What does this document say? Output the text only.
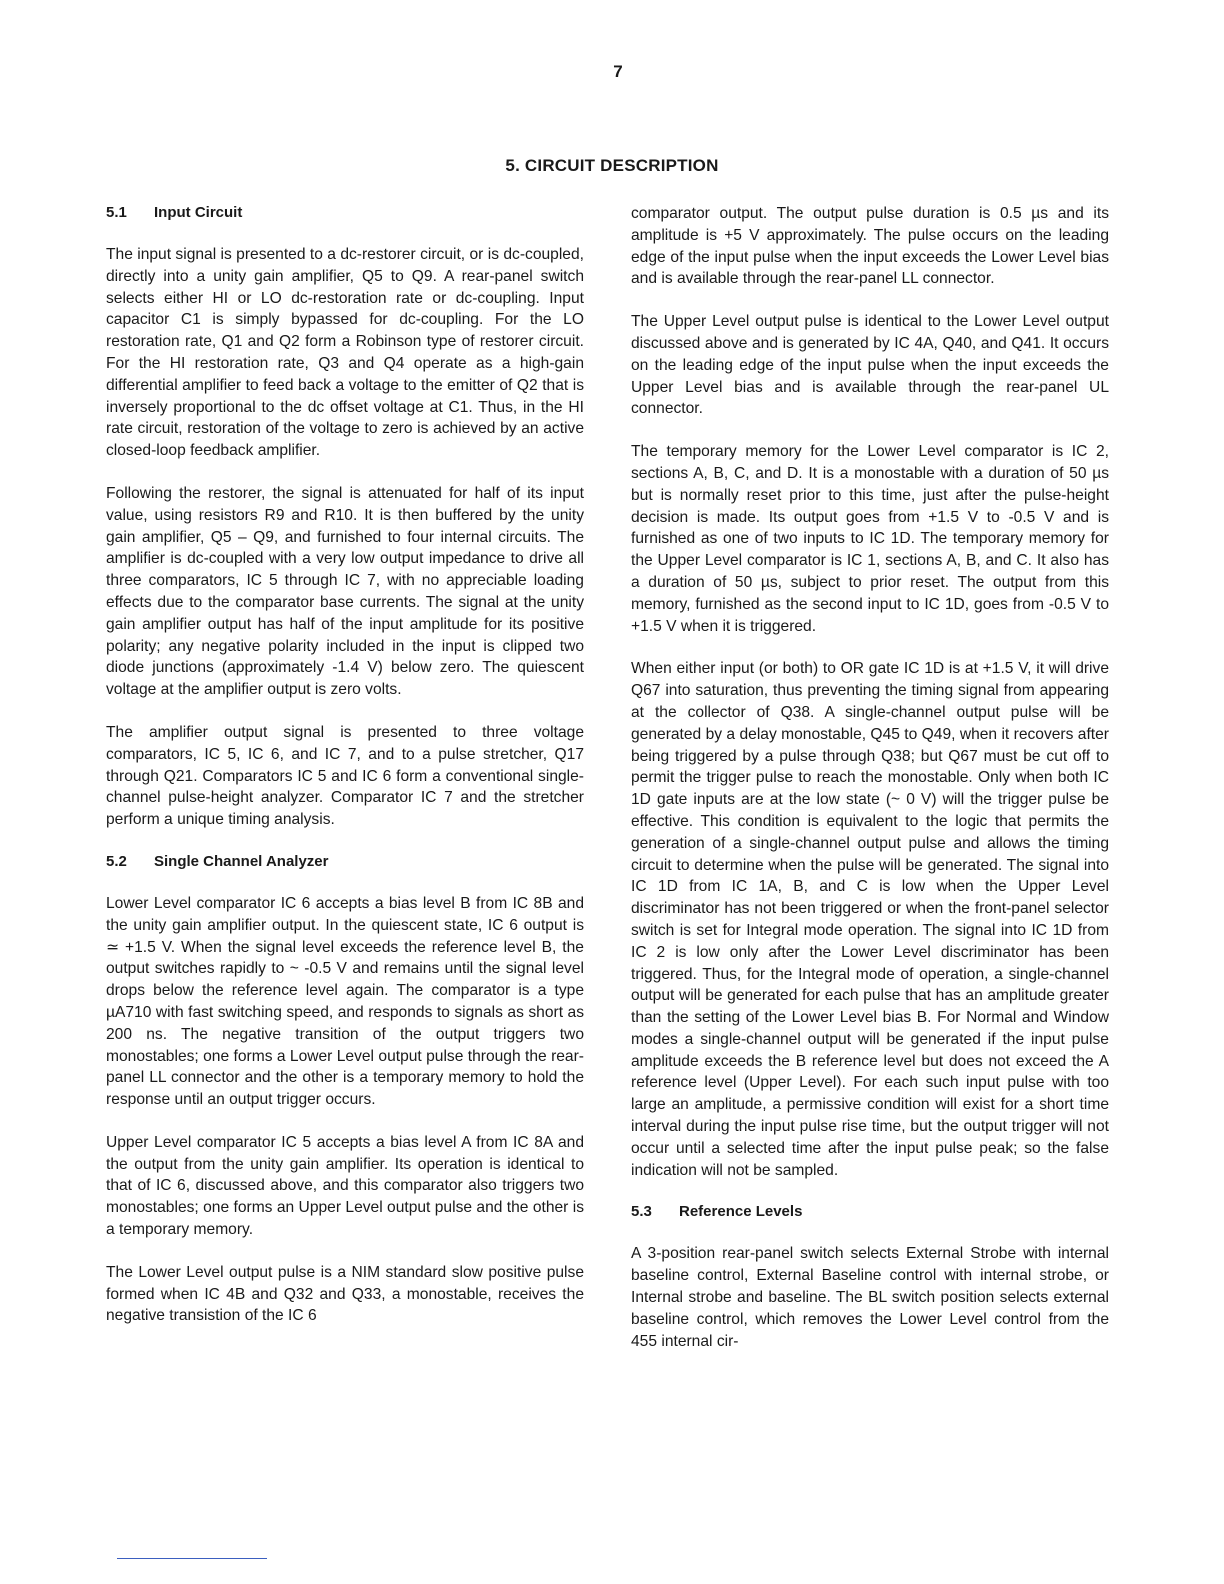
7
5. CIRCUIT DESCRIPTION
5.1 Input Circuit

The input signal is presented to a dc-restorer circuit, or is dc-coupled, directly into a unity gain amplifier, Q5 to Q9. A rear-panel switch selects either HI or LO dc-restoration rate or dc-coupling. Input capacitor C1 is simply bypassed for dc-coupling. For the LO restoration rate, Q1 and Q2 form a Robinson type of restorer circuit. For the HI restoration rate, Q3 and Q4 operate as a high-gain differential amplifier to feed back a voltage to the emitter of Q2 that is inversely proportional to the dc offset voltage at C1. Thus, in the HI rate circuit, restoration of the voltage to zero is achieved by an active closed-loop feedback amplifier.

Following the restorer, the signal is attenuated for half of its input value, using resistors R9 and R10. It is then buffered by the unity gain amplifier, Q5 – Q9, and furnished to four internal circuits. The amplifier is dc-coupled with a very low output impedance to drive all three comparators, IC 5 through IC 7, with no appreciable loading effects due to the comparator base currents. The signal at the unity gain amplifier output has half of the input amplitude for its positive polarity; any negative polarity included in the input is clipped two diode junctions (approximately -1.4 V) below zero. The quiescent voltage at the amplifier output is zero volts.

The amplifier output signal is presented to three voltage comparators, IC 5, IC 6, and IC 7, and to a pulse stretcher, Q17 through Q21. Comparators IC 5 and IC 6 form a conventional single-channel pulse-height analyzer. Comparator IC 7 and the stretcher perform a unique timing analysis.

5.2 Single Channel Analyzer

Lower Level comparator IC 6 accepts a bias level B from IC 8B and the unity gain amplifier output. In the quiescent state, IC 6 output is ≃ +1.5 V. When the signal level exceeds the reference level B, the output switches rapidly to ~ -0.5 V and remains until the signal level drops below the reference level again. The comparator is a type µA710 with fast switching speed, and responds to signals as short as 200 ns. The negative transition of the output triggers two monostables; one forms a Lower Level output pulse through the rear-panel LL connector and the other is a temporary memory to hold the response until an output trigger occurs.

Upper Level comparator IC 5 accepts a bias level A from IC 8A and the output from the unity gain amplifier. Its operation is identical to that of IC 6, discussed above, and this comparator also triggers two monostables; one forms an Upper Level output pulse and the other is a temporary memory.

The Lower Level output pulse is a NIM standard slow positive pulse formed when IC 4B and Q32 and Q33, a monostable, receives the negative transistion of the IC 6

comparator output. The output pulse duration is 0.5 µs and its amplitude is +5 V approximately. The pulse occurs on the leading edge of the input pulse when the input exceeds the Lower Level bias and is available through the rear-panel LL connector.

The Upper Level output pulse is identical to the Lower Level output discussed above and is generated by IC 4A, Q40, and Q41. It occurs on the leading edge of the input pulse when the input exceeds the Upper Level bias and is available through the rear-panel UL connector.

The temporary memory for the Lower Level comparator is IC 2, sections A, B, C, and D. It is a monostable with a duration of 50 µs but is normally reset prior to this time, just after the pulse-height decision is made. Its output goes from +1.5 V to -0.5 V and is furnished as one of two inputs to IC 1D. The temporary memory for the Upper Level comparator is IC 1, sections A, B, and C. It also has a duration of 50 µs, subject to prior reset. The output from this memory, furnished as the second input to IC 1D, goes from -0.5 V to +1.5 V when it is triggered.

When either input (or both) to OR gate IC 1D is at +1.5 V, it will drive Q67 into saturation, thus preventing the timing signal from appearing at the collector of Q38. A single-channel output pulse will be generated by a delay monostable, Q45 to Q49, when it recovers after being triggered by a pulse through Q38; but Q67 must be cut off to permit the trigger pulse to reach the monostable. Only when both IC 1D gate inputs are at the low state (~ 0 V) will the trigger pulse be effective. This condition is equivalent to the logic that permits the generation of a single-channel output pulse and allows the timing circuit to determine when the pulse will be generated. The signal into IC 1D from IC 1A, B, and C is low when the Upper Level discriminator has not been triggered or when the front-panel selector switch is set for Integral mode operation. The signal into IC 1D from IC 2 is low only after the Lower Level discriminator has been triggered. Thus, for the Integral mode of operation, a single-channel output will be generated for each pulse that has an amplitude greater than the setting of the Lower Level bias B. For Normal and Window modes a single-channel output will be generated if the input pulse amplitude exceeds the B reference level but does not exceed the A reference level (Upper Level). For each such input pulse with too large an amplitude, a permissive condition will exist for a short time interval during the input pulse rise time, but the output trigger will not occur until a selected time after the input pulse peak; so the false indication will not be sampled.

5.3 Reference Levels

A 3-position rear-panel switch selects External Strobe with internal baseline control, External Baseline control with internal strobe, or Internal strobe and baseline. The BL switch position selects external baseline control, which removes the Lower Level control from the 455 internal cir-
